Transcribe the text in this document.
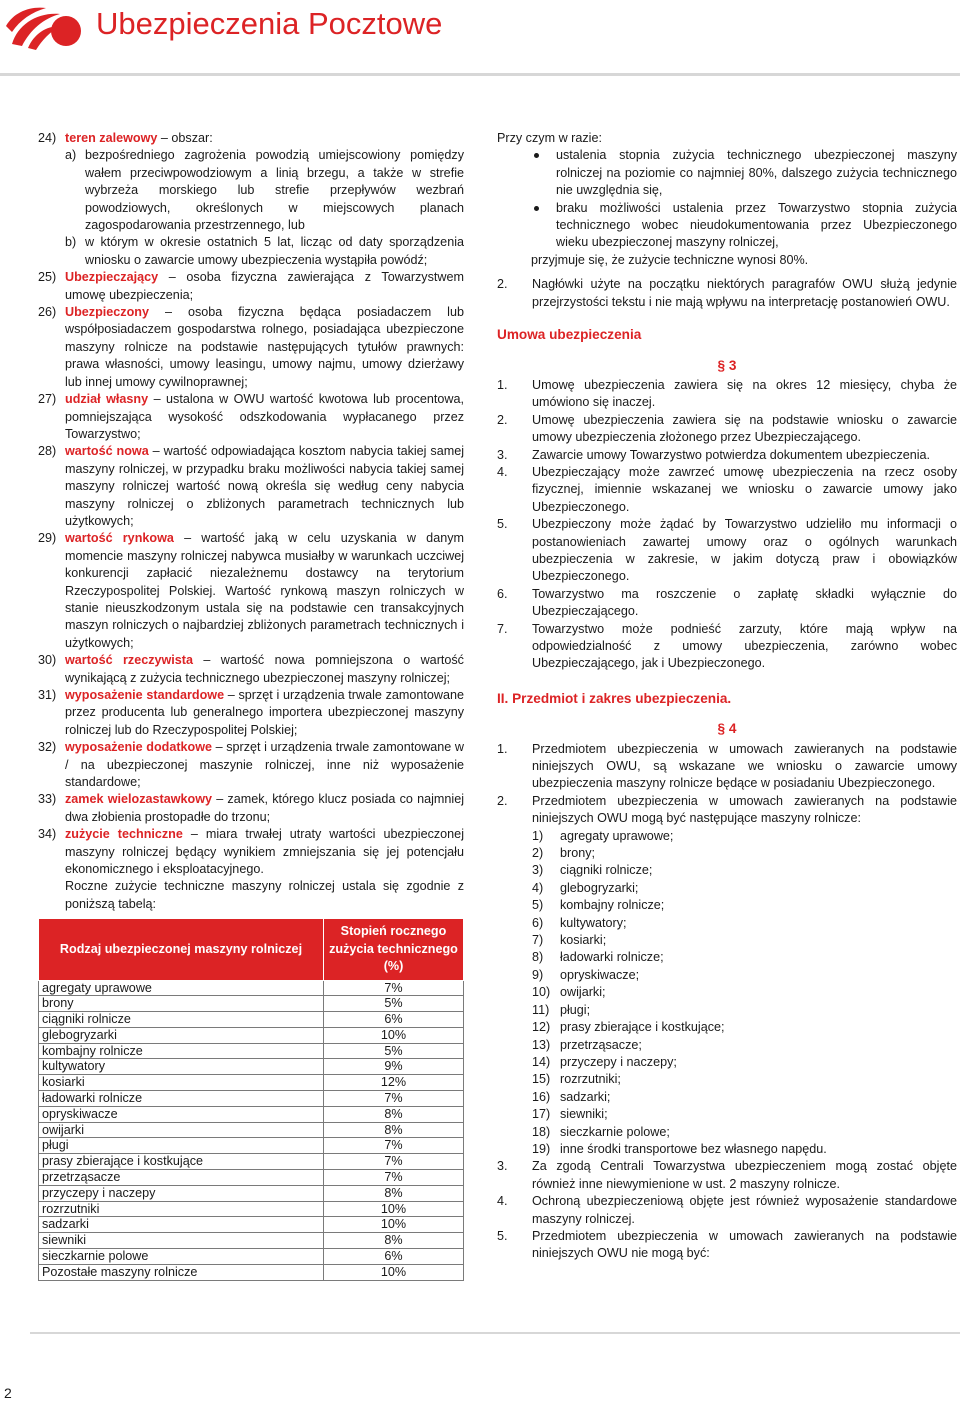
Ubezpieczenia Pocztowe
24) teren zalewowy – obszar:
a) bezpośredniego zagrożenia powodzią umiejscowiony pomiędzy wałem przeciwpowodziowym a linią brzegu, a także w strefie wybrzeża morskiego lub strefie przepływów wezbrań powodziowych, określonych w miejscowych planach zagospodarowania przestrzennego, lub
b) w którym w okresie ostatnich 5 lat, licząc od daty sporządzenia wniosku o zawarcie umowy ubezpieczenia wystąpiła powódź;
25) Ubezpieczający – osoba fizyczna zawierająca z Towarzystwem umowę ubezpieczenia;
26) Ubezpieczony – osoba fizyczna będąca posiadaczem lub współposiadaczem gospodarstwa rolnego, posiadająca ubezpieczone maszyny rolnicze na podstawie następujących tytułów prawnych: prawa własności, umowy leasingu, umowy najmu, umowy dzierżawy lub innej umowy cywilnoprawnej;
27) udział własny – ustalona w OWU wartość kwotowa lub procentowa, pomniejszająca wysokość odszkodowania wypłacanego przez Towarzystwo;
28) wartość nowa – wartość odpowiadająca kosztom nabycia takiej samej maszyny rolniczej, w przypadku braku możliwości nabycia takiej samej maszyny rolniczej wartość nową określa się według ceny nabycia maszyny rolniczej o zbliżonych parametrach technicznych lub użytkowych;
29) wartość rynkowa – wartość jaką w celu uzyskania w danym momencie maszyny rolniczej nabywca musiałby w warunkach uczciwej konkurencji zapłacić niezależnemu dostawcy na terytorium Rzeczypospolitej Polskiej. Wartość rynkową maszyn rolniczych w stanie nieuszkodzonym ustala się na podstawie cen transakcyjnych maszyn rolniczych o najbardziej zbliżonych parametrach technicznych i użytkowych;
30) wartość rzeczywista – wartość nowa pomniejszona o wartość wynikającą z zużycia technicznego ubezpieczonej maszyny rolniczej;
31) wyposażenie standardowe – sprzęt i urządzenia trwale zamontowane przez producenta lub generalnego importera ubezpieczonej maszyny rolniczej lub do Rzeczypospolitej Polskiej;
32) wyposażenie dodatkowe – sprzęt i urządzenia trwale zamontowane w / na ubezpieczonej maszynie rolniczej, inne niż wyposażenie standardowe;
33) zamek wielozastawkowy – zamek, którego klucz posiada co najmniej dwa złobienia prostopadłe do trzonu;
34) zużycie techniczne – miara trwałej utraty wartości ubezpieczonej maszyny rolniczej będący wynikiem zmniejszania się jej potencjału ekonomicznego i eksploatacyjnego.
Roczne zużycie techniczne maszyny rolniczej ustala się zgodnie z poniższą tabelą:
Rodzaj ubezpieczonej maszyny rolniczej	Stopień rocznego zużycia technicznego (%)
agregaty uprawowe	7%
brony	5%
ciągniki rolnicze	6%
glebogryzarki	10%
kombajny rolnicze	5%
kultywatory	9%
kosiarki	12%
ładowarki rolnicze	7%
opryskiwacze	8%
owijarki	8%
pługi	7%
prasy zbierające i kostkujące	7%
przetrząsacze	7%
przyczepy i naczepy	8%
rozrzutniki	10%
sadzarki	10%
siewniki	8%
sieczkarnie polowe	6%
Pozostałe maszyny rolnicze	10%
Przy czym w razie:
ustalenia stopnia zużycia technicznego ubezpieczonej maszyny rolniczej na poziomie co najmniej 80%, dalszego zużycia technicznego nie uwzględnia się,
braku możliwości ustalenia przez Towarzystwo stopnia zużycia technicznego wobec nieudokumentowania przez Ubezpieczonego wieku ubezpieczonej maszyny rolniczej,
przyjmuje się, że zużycie techniczne wynosi 80%.
2.	Nagłówki użyte na początku niektórych paragrafów OWU służą jedynie przejrzystości tekstu i nie mają wpływu na interpretację postanowień OWU.
Umowa ubezpieczenia
§ 3
1.	Umowę ubezpieczenia zawiera się na okres 12 miesięcy, chyba że umówiono się inaczej.
2.	Umowę ubezpieczenia zawiera się na podstawie wniosku o zawarcie umowy ubezpieczenia złożonego przez Ubezpieczającego.
3.	Zawarcie umowy Towarzystwo potwierdza dokumentem ubezpieczenia.
4.	Ubezpieczający może zawrzeć umowę ubezpieczenia na rzecz osoby fizycznej, imiennie wskazanej we wniosku o zawarcie umowy jako Ubezpieczonego.
5.	Ubezpieczony może żądać by Towarzystwo udzieliło mu informacji o postanowieniach zawartej umowy oraz o ogólnych warunkach ubezpieczenia w zakresie, w jakim dotyczą praw i obowiązków Ubezpieczonego.
6.	Towarzystwo ma roszczenie o zapłatę składki wyłącznie do Ubezpieczającego.
7.	Towarzystwo może podnieść zarzuty, które mają wpływ na odpowiedzialność z umowy ubezpieczenia, zarówno wobec Ubezpieczającego, jak i Ubezpieczonego.
II. Przedmiot i zakres ubezpieczenia.
§ 4
1.	Przedmiotem ubezpieczenia w umowach zawieranych na podstawie niniejszych OWU, są wskazane we wniosku o zawarcie umowy ubezpieczenia maszyny rolnicze będące w posiadaniu Ubezpieczonego.
2.	Przedmiotem ubezpieczenia w umowach zawieranych na podstawie niniejszych OWU mogą być następujące maszyny rolnicze:
1)	agregaty uprawowe;
2)	brony;
3)	ciągniki rolnicze;
4)	glebogryzarki;
5)	kombajny rolnicze;
6)	kultywatory;
7)	kosiarki;
8)	ładowarki rolnicze;
9)	opryskiwacze;
10) owijarki;
11) pługi;
12) prasy zbierające i kostkujące;
13) przetrząsacze;
14) przyczepy i naczepy;
15) rozrzutniki;
16) sadzarki;
17) siewniki;
18) sieczkarnie polowe;
19) inne środki transportowe bez własnego napędu.
3.	Za zgodą Centrali Towarzystwa ubezpieczeniem mogą zostać objęte również inne niewymienione w ust. 2 maszyny rolnicze.
4.	Ochroną ubezpieczeniową objęte jest również wyposażenie standardowe maszyny rolniczej.
5.	Przedmiotem ubezpieczenia w umowach zawieranych na podstawie niniejszych OWU nie mogą być:
2
